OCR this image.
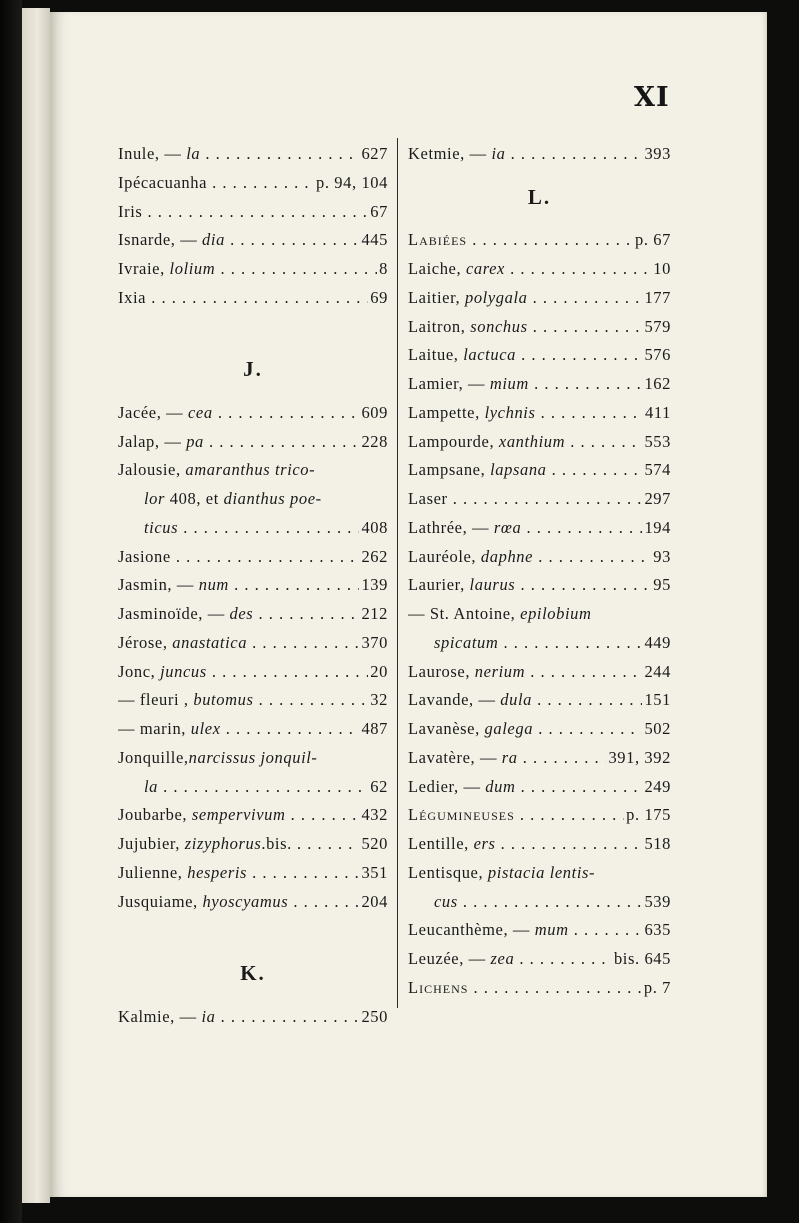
XI
Inule, — la . . .	627
Ipécacuanha . . .	p. 94, 104
Iris . . .	67
Isnarde, — dia . . .	445
Ivraie, lolium . . .	8
Ixia . . .	69
J.
Jacée, — cea . . .	609
Jalap, — pa . . .	228
Jalousie, amaranthus trico-
lor 408, et dianthus poe-
ticus . . .	408
Jasione . . .	262
Jasmin, — num . . .	139
Jasminoïde, — des . . .	212
Jérose, anastatica . . .	370
Jonc, juncus . . .	20
— fleuri , butomus . . .	32
— marin, ulex . . .	487
Jonquille,narcissus jonquil-
la . . .	62
Joubarbe, sempervivum . . .	432
Jujubier, zizyphorus.bis. . . .	520
Julienne, hesperis . . .	351
Jusquiame, hyoscyamus . . .	204
K.
Kalmie, — ia . . .	250
Ketmie, — ia . . .	393
L.
Labiées . . .	p. 67
Laiche, carex . . .	10
Laitier, polygala . . .	177
Laitron, sonchus . . .	579
Laitue, lactuca . . .	576
Lamier, — mium . . .	162
Lampette, lychnis . . .	411
Lampourde, xanthium . . .	553
Lampsane, lapsana . . .	574
Laser . . .	297
Lathrée, — rœa . . .	194
Lauréole, daphne . . .	93
Laurier, laurus . . .	95
— St. Antoine, epilobium
spicatum . . .	449
Laurose, nerium . . .	244
Lavande, — dula . . .	151
Lavanèse, galega . . .	502
Lavatère, — ra . . .	391, 392
Ledier, — dum . . .	249
Légumineuses . . .	p. 175
Lentille, ers . . .	518
Lentisque, pistacia lentis-
cus . . .	539
Leucanthème, — mum . . .	635
Leuzée, — zea . . .	bis. 645
Lichens . . .	p. 7
